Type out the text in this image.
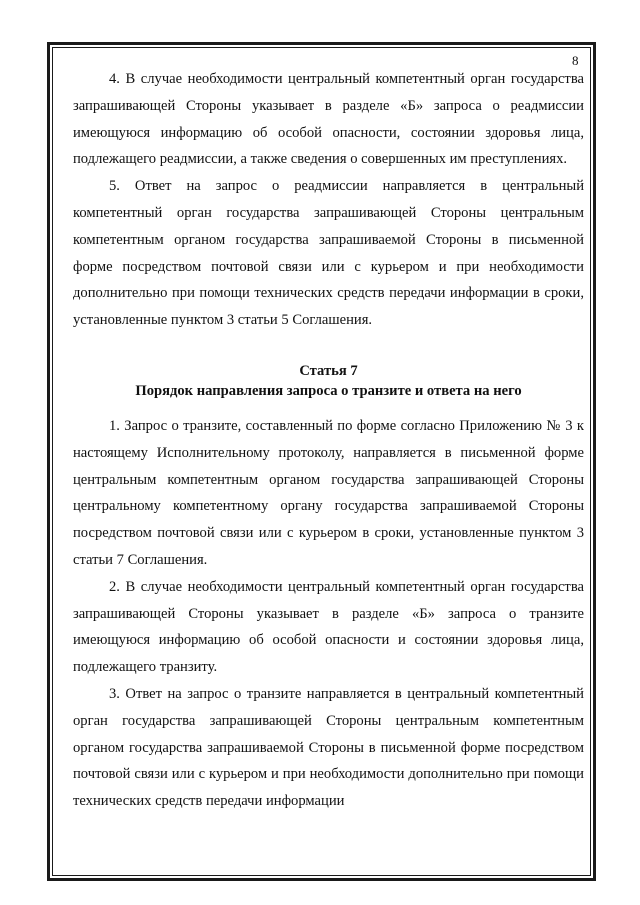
8

4. В случае необходимости центральный компетентный орган государства запрашивающей Стороны указывает в разделе «Б» запроса о реадмиссии имеющуюся информацию об особой опасности, состоянии здоровья лица, подлежащего реадмиссии, а также сведения о совершенных им преступлениях.

5. Ответ на запрос о реадмиссии направляется в центральный компетентный орган государства запрашивающей Стороны центральным компетентным органом государства запрашиваемой Стороны в письменной форме посредством почтовой связи или с курьером и при необходимости дополнительно при помощи технических средств передачи информации в сроки, установленные пунктом 3 статьи 5 Соглашения.

Статья 7

Порядок направления запроса о транзите и ответа на него

1. Запрос о транзите, составленный по форме согласно Приложению № 3 к настоящему Исполнительному протоколу, направляется в письменной форме центральным компетентным органом государства запрашивающей Стороны центральному компетентному органу государства запрашиваемой Стороны посредством почтовой связи или с курьером в сроки, установленные пунктом 3 статьи 7 Соглашения.

2. В случае необходимости центральный компетентный орган государства запрашивающей Стороны указывает в разделе «Б» запроса о транзите имеющуюся информацию об особой опасности и состоянии здоровья лица, подлежащего транзиту.

3. Ответ на запрос о транзите направляется в центральный компетентный орган государства запрашивающей Стороны центральным компетентным органом государства запрашиваемой Стороны в письменной форме посредством почтовой связи или с курьером и при необходимости дополнительно при помощи технических средств передачи информации
